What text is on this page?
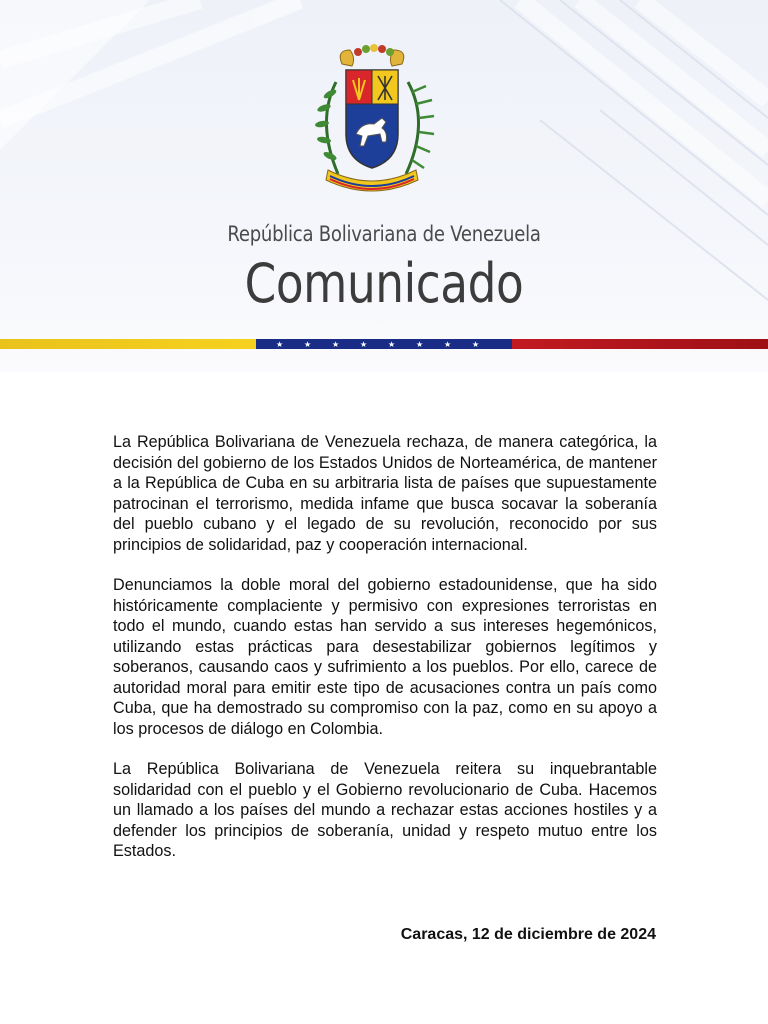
República Bolivariana de Venezuela
Comunicado
★	★	★	★	★	★	★	★

La República Bolivariana de Venezuela rechaza, de manera categórica, la decisión del gobierno de los Estados Unidos de Norteamérica, de mantener a la República de Cuba en su arbitraria lista de países que supuestamente patrocinan el terrorismo, medida infame que busca socavar la soberanía del pueblo cubano y el legado de su revolución, reconocido por sus principios de solidaridad, paz y cooperación internacional.

Denunciamos la doble moral del gobierno estadounidense, que ha sido históricamente complaciente y permisivo con expresiones terroristas en todo el mundo, cuando estas han servido a sus intereses hegemónicos, utilizando estas prácticas para desestabilizar gobiernos legítimos y soberanos, causando caos y sufrimiento a los pueblos. Por ello, carece de autoridad moral para emitir este tipo de acusaciones contra un país como Cuba, que ha demostrado su compromiso con la paz, como en su apoyo a los procesos de diálogo en Colombia.

La República Bolivariana de Venezuela reitera su inquebrantable solidaridad con el pueblo y el Gobierno revolucionario de Cuba. Hacemos un llamado a los países del mundo a rechazar estas acciones hostiles y a defender los principios de soberanía, unidad y respeto mutuo entre los Estados.

Caracas, 12 de diciembre de 2024
